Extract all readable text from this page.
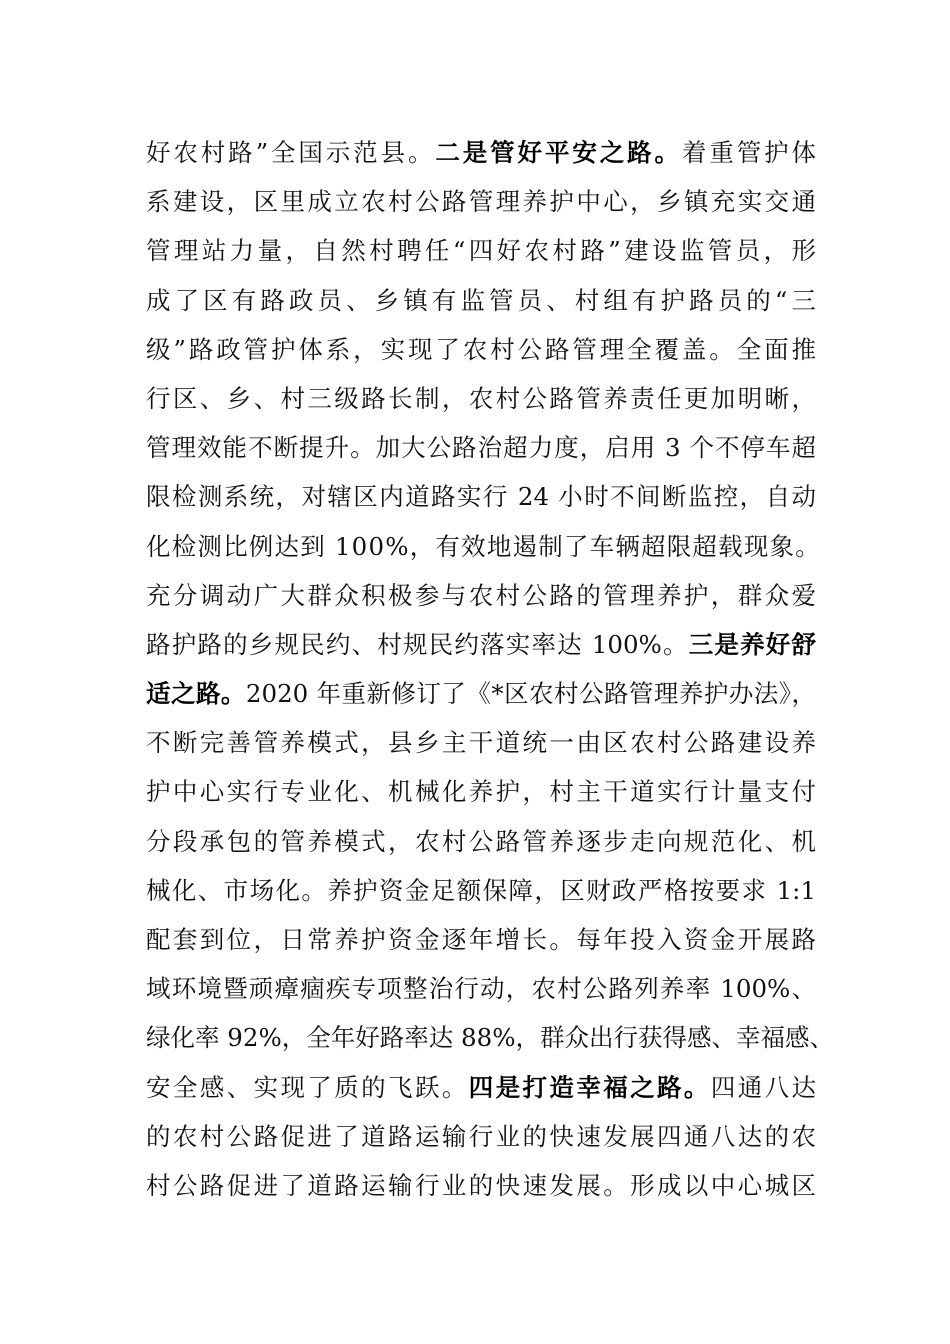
好农村路”全国示范县。二是管好平安之路。着重管护体
系建设，区里成立农村公路管理养护中心，乡镇充实交通
管理站力量，自然村聘任“四好农村路”建设监管员，形
成了区有路政员、乡镇有监管员、村组有护路员的“三
级”路政管护体系，实现了农村公路管理全覆盖。全面推
行区、乡、村三级路长制，农村公路管养责任更加明晰，
管理效能不断提升。加大公路治超力度，启用 3 个不停车超
限检测系统，对辖区内道路实行 24 小时不间断监控，自动
化检测比例达到 100%，有效地遏制了车辆超限超载现象。
充分调动广大群众积极参与农村公路的管理养护，群众爱
路护路的乡规民约、村规民约落实率达 100%。三是养好舒
适之路。2020 年重新修订了《*区农村公路管理养护办法》，
不断完善管养模式，县乡主干道统一由区农村公路建设养
护中心实行专业化、机械化养护，村主干道实行计量支付
分段承包的管养模式，农村公路管养逐步走向规范化、机
械化、市场化。养护资金足额保障，区财政严格按要求 1:1
配套到位，日常养护资金逐年增长。每年投入资金开展路
域环境暨顽瘴痼疾专项整治行动，农村公路列养率 100%、
绿化率 92%，全年好路率达 88%，群众出行获得感、幸福感、
安全感、实现了质的飞跃。四是打造幸福之路。四通八达
的农村公路促进了道路运输行业的快速发展四通八达的农
村公路促进了道路运输行业的快速发展。形成以中心城区
